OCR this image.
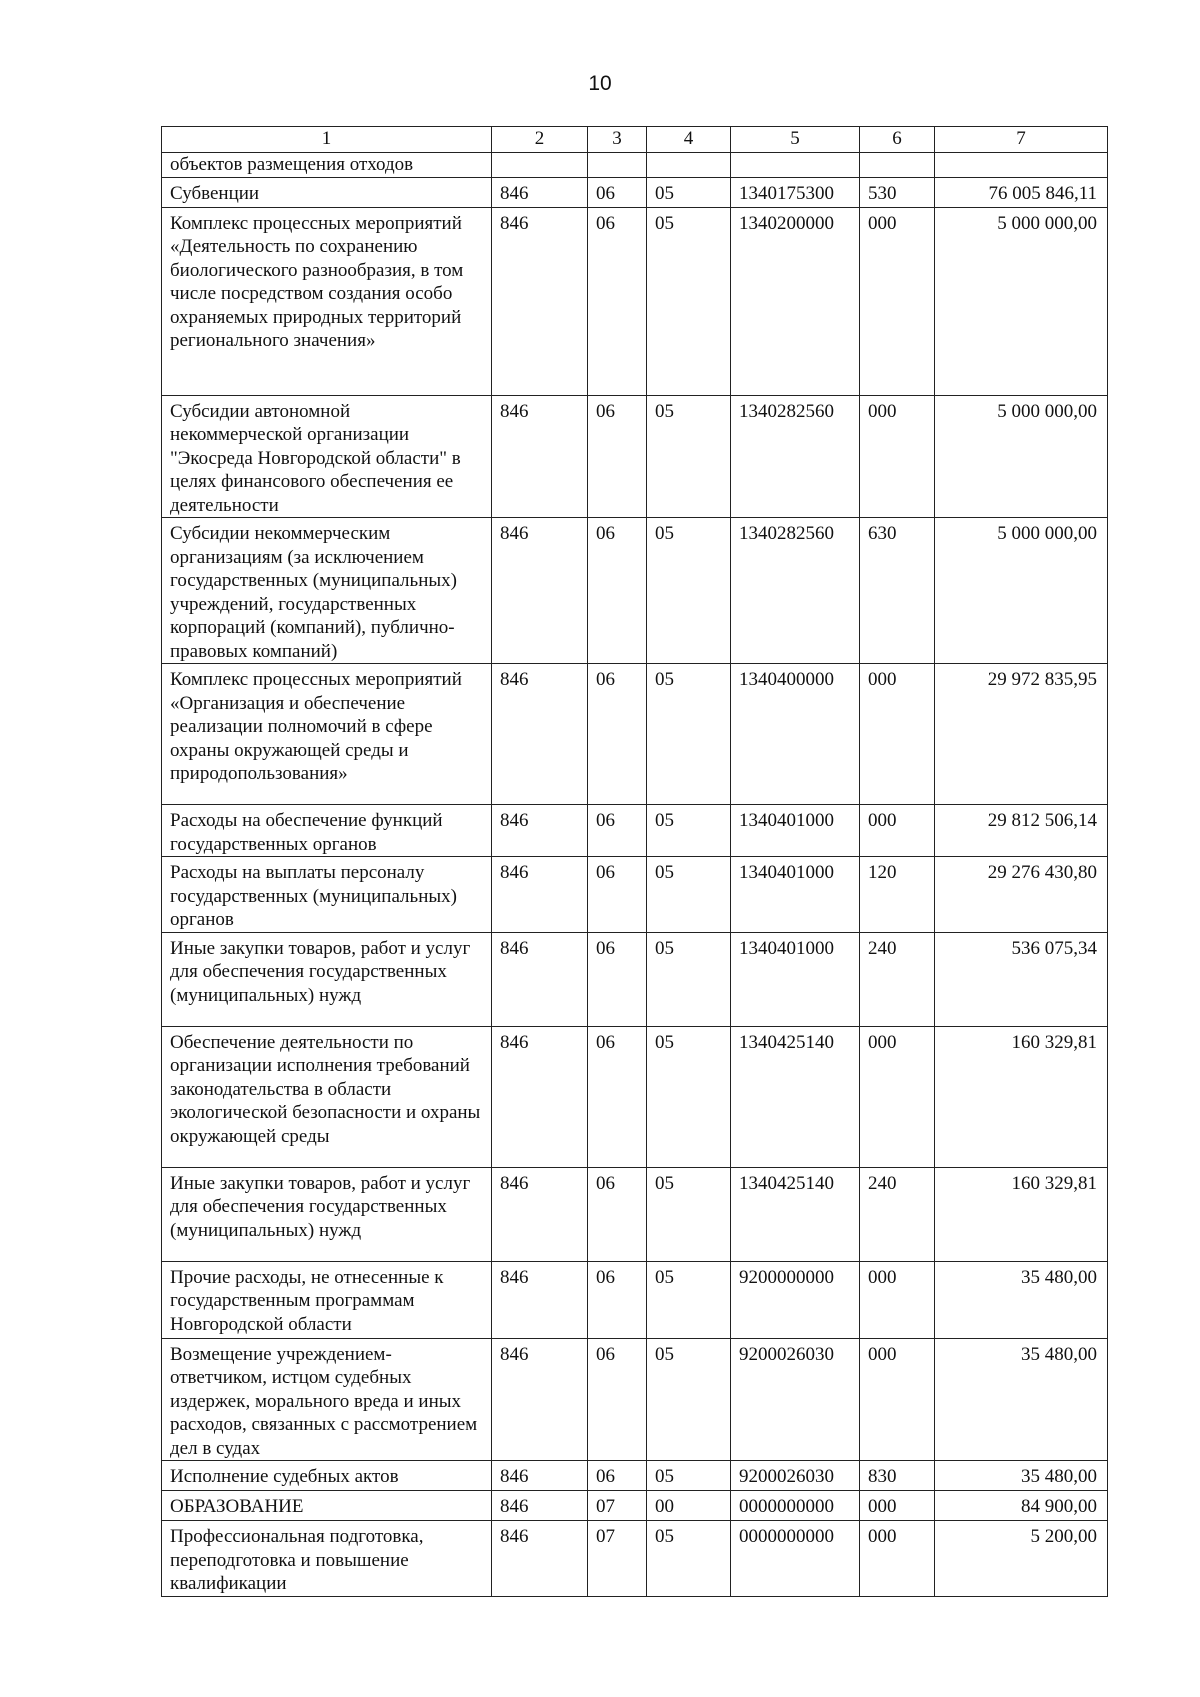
10
1	2	3	4	5	6	7
объектов размещения отходов						
Субвенции	846	06	05	1340175300	530	76 005 846,11
Комплекс процессных мероприятий «Деятельность по сохранению биологического разнообразия, в том числе посредством создания особо охраняемых природных территорий регионального значения»	846	06	05	1340200000	000	5 000 000,00
Субсидии автономной некоммерческой организации "Экосреда Новгородской области" в целях финансового обеспечения ее деятельности	846	06	05	1340282560	000	5 000 000,00
Субсидии некоммерческим организациям (за исключением государственных (муниципальных) учреждений, государственных корпораций (компаний), публично-правовых компаний)	846	06	05	1340282560	630	5 000 000,00
Комплекс процессных мероприятий «Организация и обеспечение реализации полномочий в сфере охраны окружающей среды и природопользования»	846	06	05	1340400000	000	29 972 835,95
Расходы на обеспечение функций государственных органов	846	06	05	1340401000	000	29 812 506,14
Расходы на выплаты персоналу государственных (муниципальных) органов	846	06	05	1340401000	120	29 276 430,80
Иные закупки товаров, работ и услуг для обеспечения государственных (муниципальных) нужд	846	06	05	1340401000	240	536 075,34
Обеспечение деятельности по организации исполнения требований законодательства в области экологической безопасности и охраны окружающей среды	846	06	05	1340425140	000	160 329,81
Иные закупки товаров, работ и услуг для обеспечения государственных (муниципальных) нужд	846	06	05	1340425140	240	160 329,81
Прочие расходы, не отнесенные к государственным программам Новгородской области	846	06	05	9200000000	000	35 480,00
Возмещение учреждением-ответчиком, истцом судебных издержек, морального вреда и иных расходов, связанных с рассмотрением дел в судах	846	06	05	9200026030	000	35 480,00
Исполнение судебных актов	846	06	05	9200026030	830	35 480,00
ОБРАЗОВАНИЕ	846	07	00	0000000000	000	84 900,00
Профессиональная подготовка, переподготовка и повышение квалификации	846	07	05	0000000000	000	5 200,00
